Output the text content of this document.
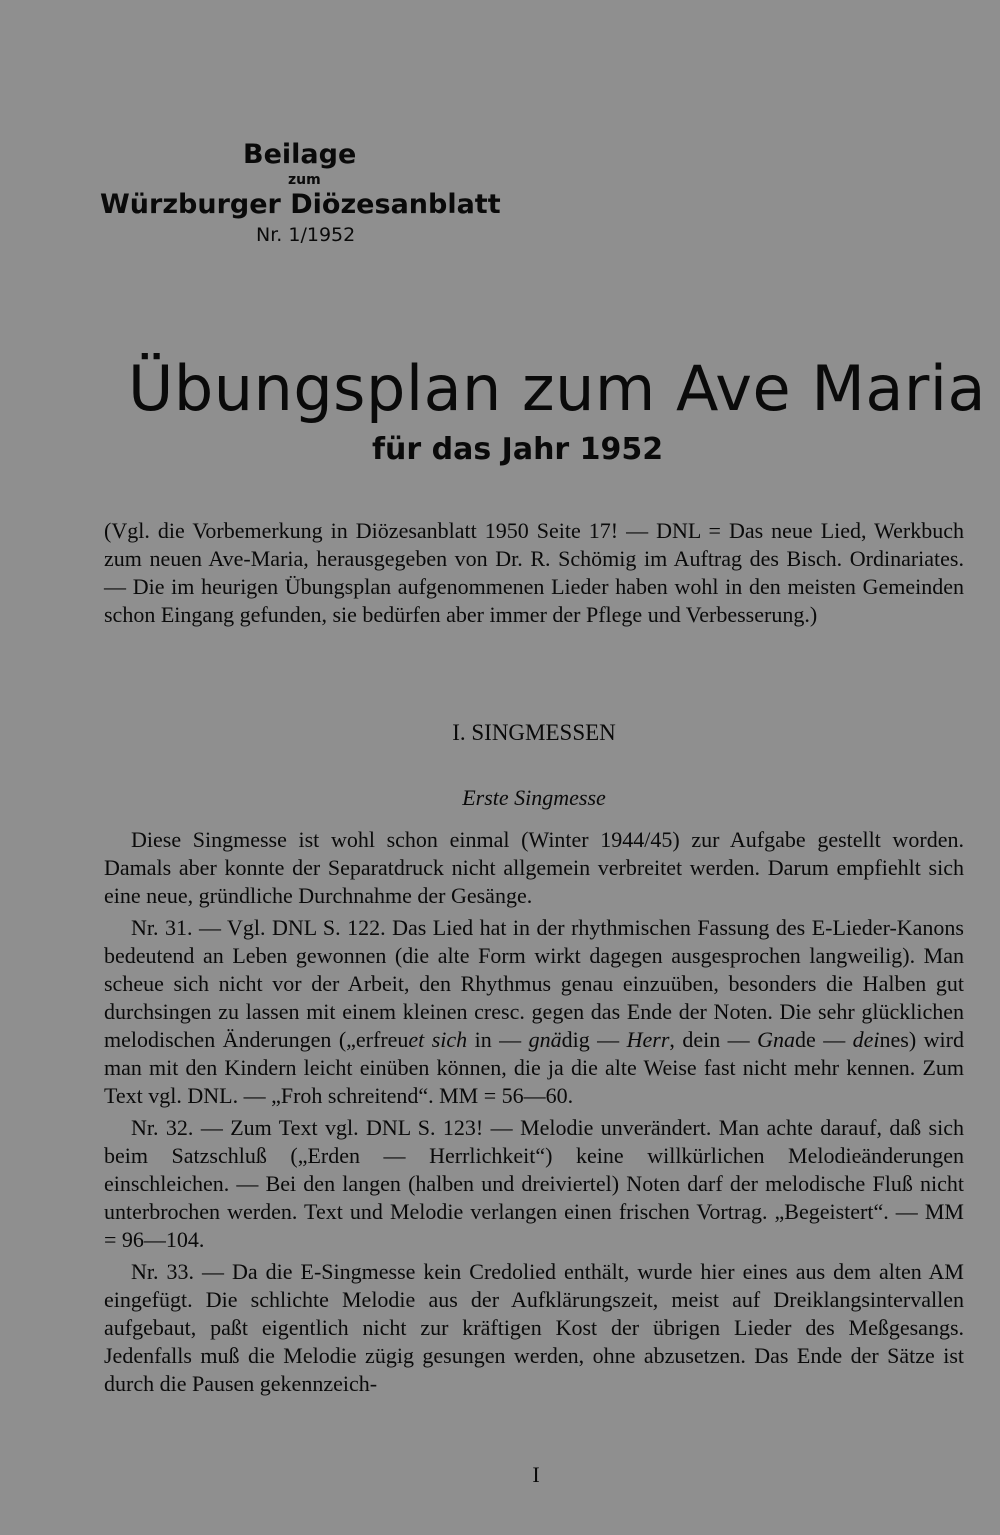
Beilage
zum
Würzburger Diözesanblatt
Nr. 1/1952
Übungsplan zum Ave Maria
für das Jahr 1952
(Vgl. die Vorbemerkung in Diözesanblatt 1950 Seite 17! — DNL = Das neue Lied, Werkbuch zum neuen Ave-Maria, herausgegeben von Dr. R. Schömig im Auftrag des Bisch. Ordinariates. — Die im heurigen Übungsplan aufgenommenen Lieder haben wohl in den meisten Gemeinden schon Eingang gefunden, sie bedürfen aber immer der Pflege und Verbesserung.)
I. SINGMESSEN
Erste Singmesse

Diese Singmesse ist wohl schon einmal (Winter 1944/45) zur Aufgabe gestellt worden. Damals aber konnte der Separatdruck nicht allgemein verbreitet werden. Darum empfiehlt sich eine neue, gründliche Durchnahme der Gesänge.

Nr. 31. — Vgl. DNL S. 122. Das Lied hat in der rhythmischen Fassung des E-Lieder-Kanons bedeutend an Leben gewonnen (die alte Form wirkt dagegen ausgesprochen langweilig). Man scheue sich nicht vor der Arbeit, den Rhythmus genau einzuüben, besonders die Halben gut durchsingen zu lassen mit einem kleinen cresc. gegen das Ende der Noten. Die sehr glücklichen melodischen Änderungen („erfreuet sich in — gnädig — Herr, dein — Gnade — deines) wird man mit den Kindern leicht einüben können, die ja die alte Weise fast nicht mehr kennen. Zum Text vgl. DNL. — „Froh schreitend“. MM = 56—60.

Nr. 32. — Zum Text vgl. DNL S. 123! — Melodie unverändert. Man achte darauf, daß sich beim Satzschluß („Erden — Herrlichkeit“) keine willkürlichen Melodieänderungen einschleichen. — Bei den langen (halben und dreiviertel) Noten darf der melodische Fluß nicht unterbrochen werden. Text und Melodie verlangen einen frischen Vortrag. „Begeistert“. — MM = 96—104.

Nr. 33. — Da die E-Singmesse kein Credolied enthält, wurde hier eines aus dem alten AM eingefügt. Die schlichte Melodie aus der Aufklärungszeit, meist auf Dreiklangsintervallen aufgebaut, paßt eigentlich nicht zur kräftigen Kost der übrigen Lieder des Meßgesangs. Jedenfalls muß die Melodie zügig gesungen werden, ohne abzusetzen. Das Ende der Sätze ist durch die Pausen gekennzeich-

I
